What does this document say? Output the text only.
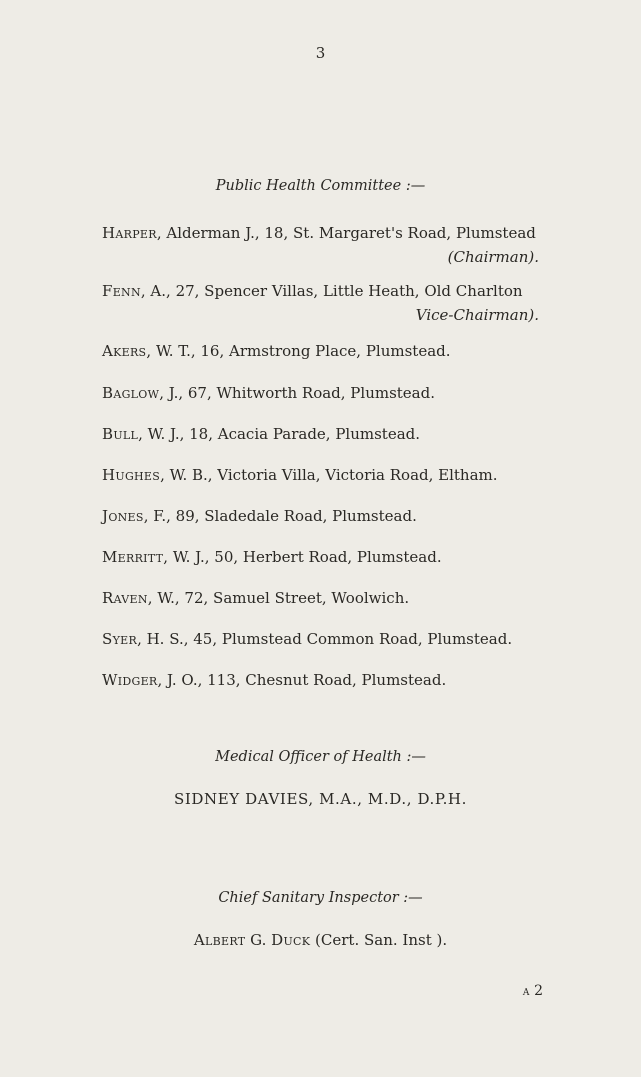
3
Public Health Committee :—
Harper, Alderman J., 18, St. Margaret's Road, Plumstead
(Chairman).
Fenn, A., 27, Spencer Villas, Little Heath, Old Charlton
Vice-Chairman).
Akers, W. T., 16, Armstrong Place, Plumstead.
Baglow, J., 67, Whitworth Road, Plumstead.
Bull, W. J., 18, Acacia Parade, Plumstead.
Hughes, W. B., Victoria Villa, Victoria Road, Eltham.
Jones, F., 89, Sladedale Road, Plumstead.
Merritt, W. J., 50, Herbert Road, Plumstead.
Raven, W., 72, Samuel Street, Woolwich.
Syer, H. S., 45, Plumstead Common Road, Plumstead.
Widger, J. O., 113, Chesnut Road, Plumstead.
Medical Officer of Health :—
SIDNEY DAVIES, M.A., M.D., D.P.H.
Chief Sanitary Inspector :—
Albert G. Duck (Cert. San. Inst ).
a 2
